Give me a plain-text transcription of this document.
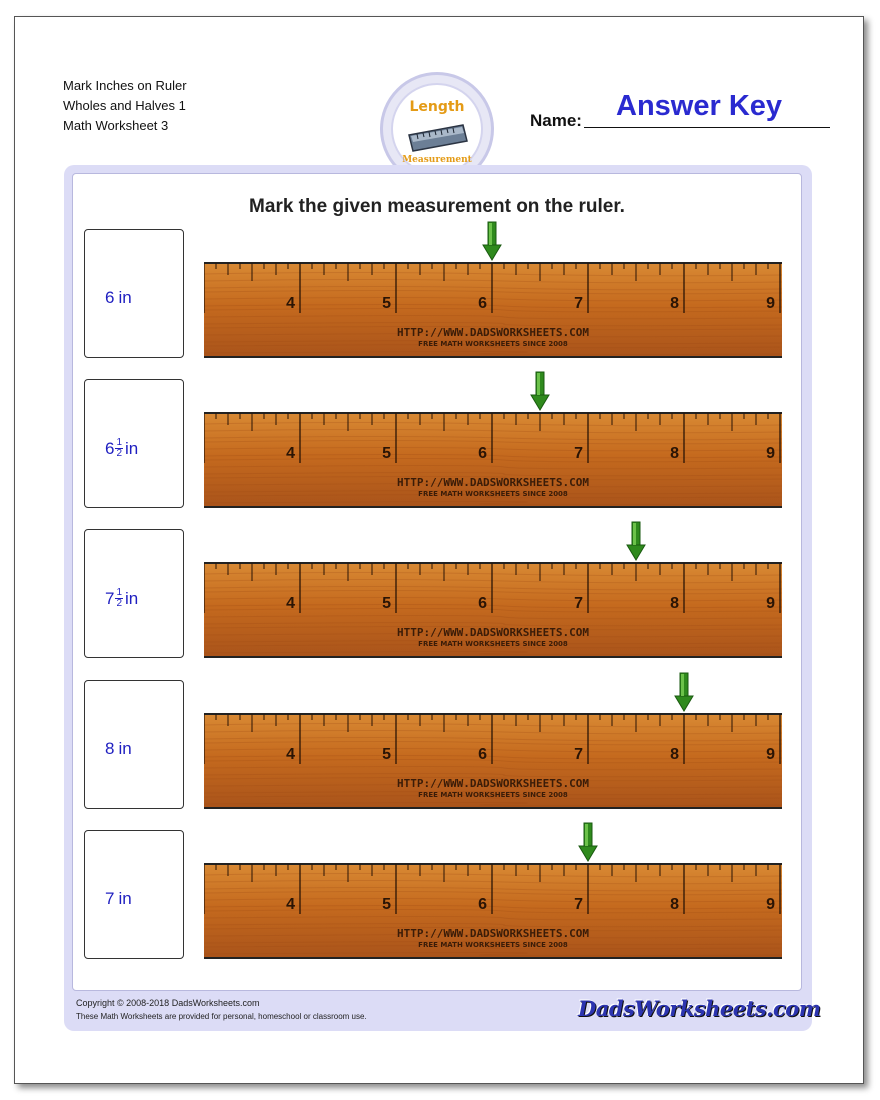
Mark Inches on Ruler
Wholes and Halves 1
Math Worksheet 3
Length
Measurement
Name: Answer Key
Mark the given measurement on the ruler.
6 in	4	5	6	7	8	9
HTTP://WWW.DADSWORKSHEETS.COM
FREE MATH WORKSHEETS SINCE 2008
$6 \frac{1}{2}$ in	4	5	6	7	8	9
HTTP://WWW.DADSWORKSHEETS.COM
FREE MATH WORKSHEETS SINCE 2008
$7 \frac{1}{2}$ in	4	5	6	7	8	9
HTTP://WWW.DADSWORKSHEETS.COM
FREE MATH WORKSHEETS SINCE 2008
8 in	4	5	6	7	8	9
HTTP://WWW.DADSWORKSHEETS.COM
FREE MATH WORKSHEETS SINCE 2008
7 in	4	5	6	7	8	9
HTTP://WWW.DADSWORKSHEETS.COM
FREE MATH WORKSHEETS SINCE 2008
Copyright © 2008-2018 DadsWorksheets.com
These Math Worksheets are provided for personal, homeschool or classroom use.	DadsWorksheets.com
